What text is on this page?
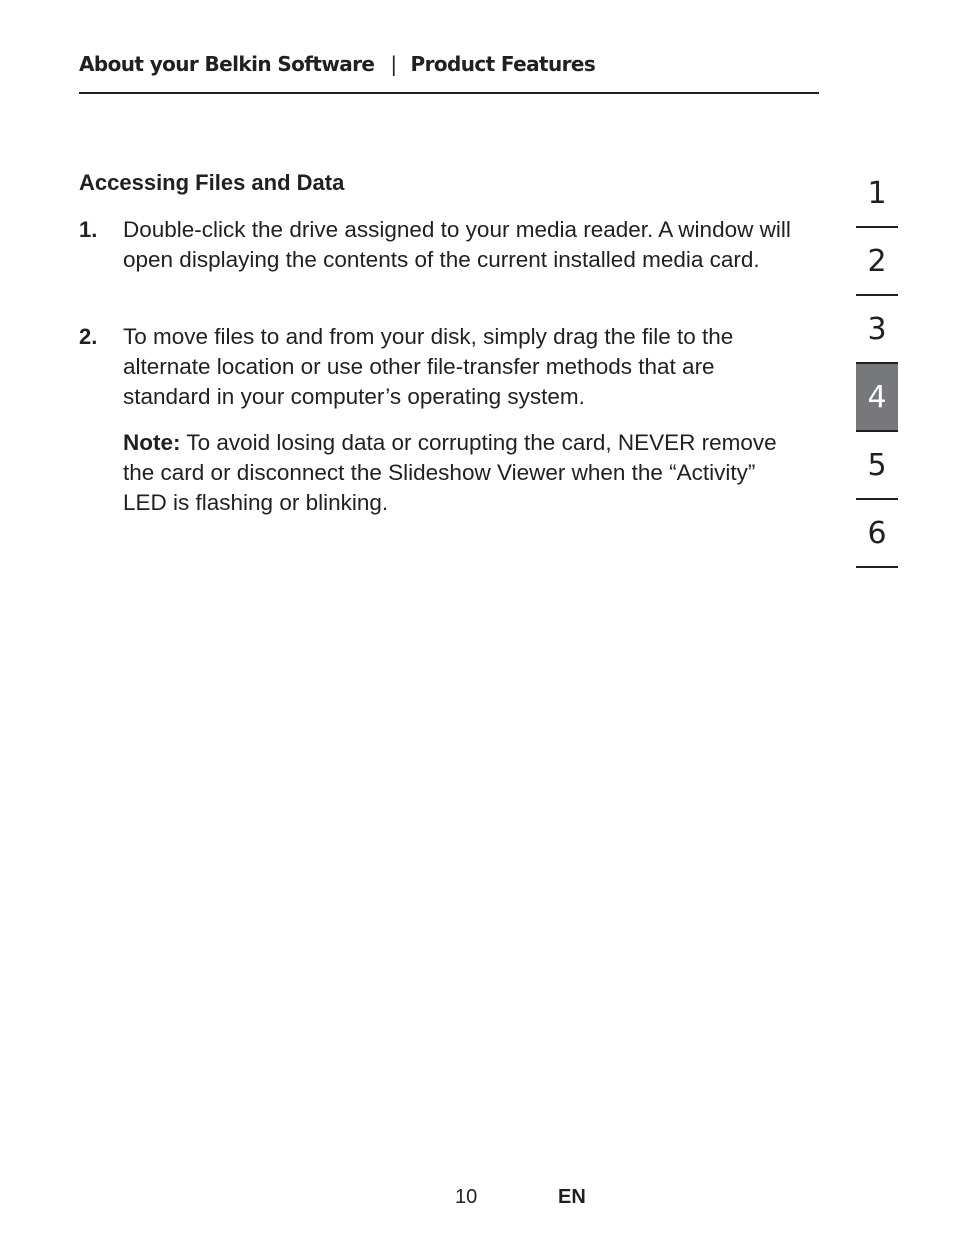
About your Belkin Software | Product Features
Accessing Files and Data
1. Double-click the drive assigned to your media reader. A window will open displaying the contents of the current installed media card.
2. To move files to and from your disk, simply drag the file to the alternate location or use other file-transfer methods that are standard in your computer’s operating system.
Note: To avoid losing data or corrupting the card, NEVER remove the card or disconnect the Slideshow Viewer when the “Activity” LED is flashing or blinking.
1
2
3
4
5
6
10	EN
